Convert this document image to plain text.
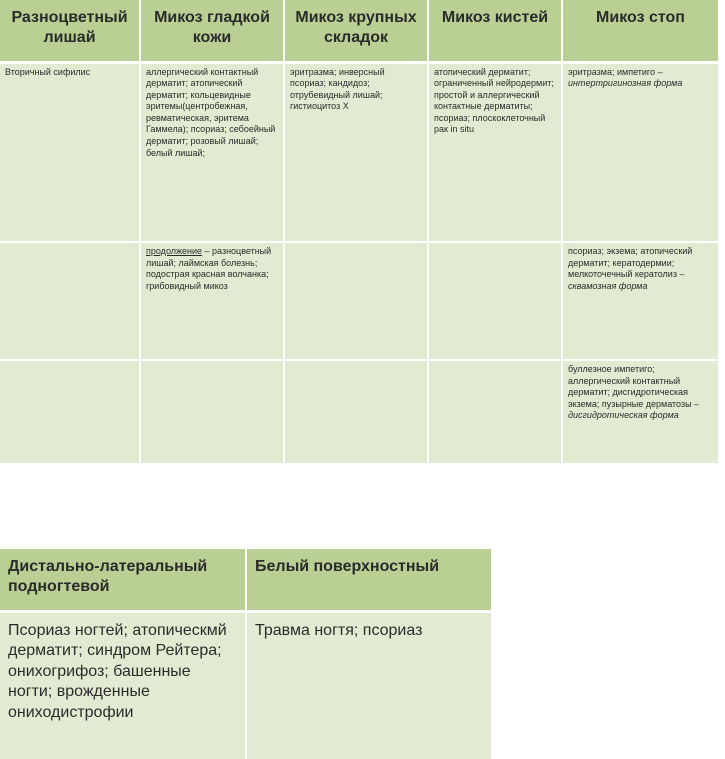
Разноцветный лишай	Микоз гладкой кожи	Микоз крупных складок	Микоз кистей	Микоз стоп
Вторичный сифилис	аллергический контактный дерматит; атопический дерматит; кольцевидные эритемы(центробежная, ревматическая, эритема Гаммела); псориаз; себоейный дерматит; розовый лишай; белый лишай;	эритразма; инверсный псориаз; кандидоз; отрубевидный лишай; гистиоцитоз Х	атопический дерматит; ограниченный нейродермит; простой и аллергический контактные дерматиты; псориаз; плоскоклеточный рак in situ	эритразма; импетиго – интертригинозная форма
	продолжение – разноцветный лишай; лаймская болезнь; подострая красная волчанка; грибовидный микоз			псориаз; экзема; атопический дерматит; кератодермии; мелкоточечный кератолиз – сквамозная форма
				буллезное импетиго; аллергический контактный дерматит; дисгидротическая экзема; пузырные дерматозы – дисгидротическая форма
Дистально-латеральный подногтевой	Белый поверхностный
Псориаз ногтей; атопическмй дерматит; синдром Рейтера; онихогрифоз; башенные ногти; врожденные ониходистрофии	Травма ногтя; псориаз
